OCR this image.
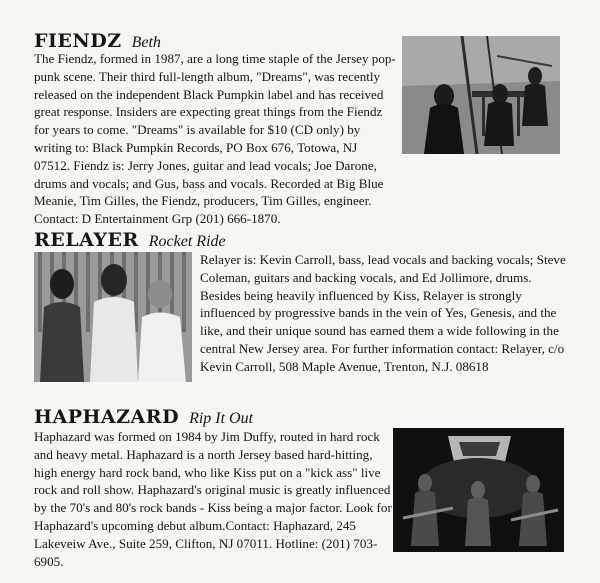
FIENDZ Beth

The Fiendz, formed in 1987, are a long time staple of the Jersey pop-punk scene. Their third full-length album, "Dreams", was recently released on the independent Black Pumpkin label and has received great response. Insiders are expecting great things from the Fiendz for years to come. "Dreams" is available for $10 (CD only) by writing to: Black Pumpkin Records, PO Box 676, Totowa, NJ 07512. Fiendz is: Jerry Jones, guitar and lead vocals; Joe Darone, drums and vocals; and Gus, bass and vocals. Recorded at Big Blue Meanie, Tim Gilles, the Fiendz, producers, Tim Gilles, engineer. Contact: D Entertainment Grp (201) 666-1870.

RELAYER Rocket Ride

Relayer is: Kevin Carroll, bass, lead vocals and backing vocals; Steve Coleman, guitars and backing vocals, and Ed Jollimore, drums. Besides being heavily influenced by Kiss, Relayer is strongly influenced by progressive bands in the vein of Yes, Genesis, and the like, and their unique sound has earned them a wide following in the central New Jersey area. For further information contact: Relayer, c/o Kevin Carroll, 508 Maple Avenue, Trenton, N.J. 08618

HAPHAZARD Rip It Out

Haphazard was formed on 1984 by Jim Duffy, routed in hard rock and heavy metal. Haphazard is a north Jersey based hard-hitting, high energy hard rock band, who like Kiss put on a "kick ass" live rock and roll show. Haphazard's original music is greatly influenced by the 70's and 80's rock bands - Kiss being a major factor. Look for Haphazard's upcoming debut album.Contact: Haphazard, 245 Lakeveiw Ave., Suite 259, Clifton, NJ 07011. Hotline: (201) 703-6905.
